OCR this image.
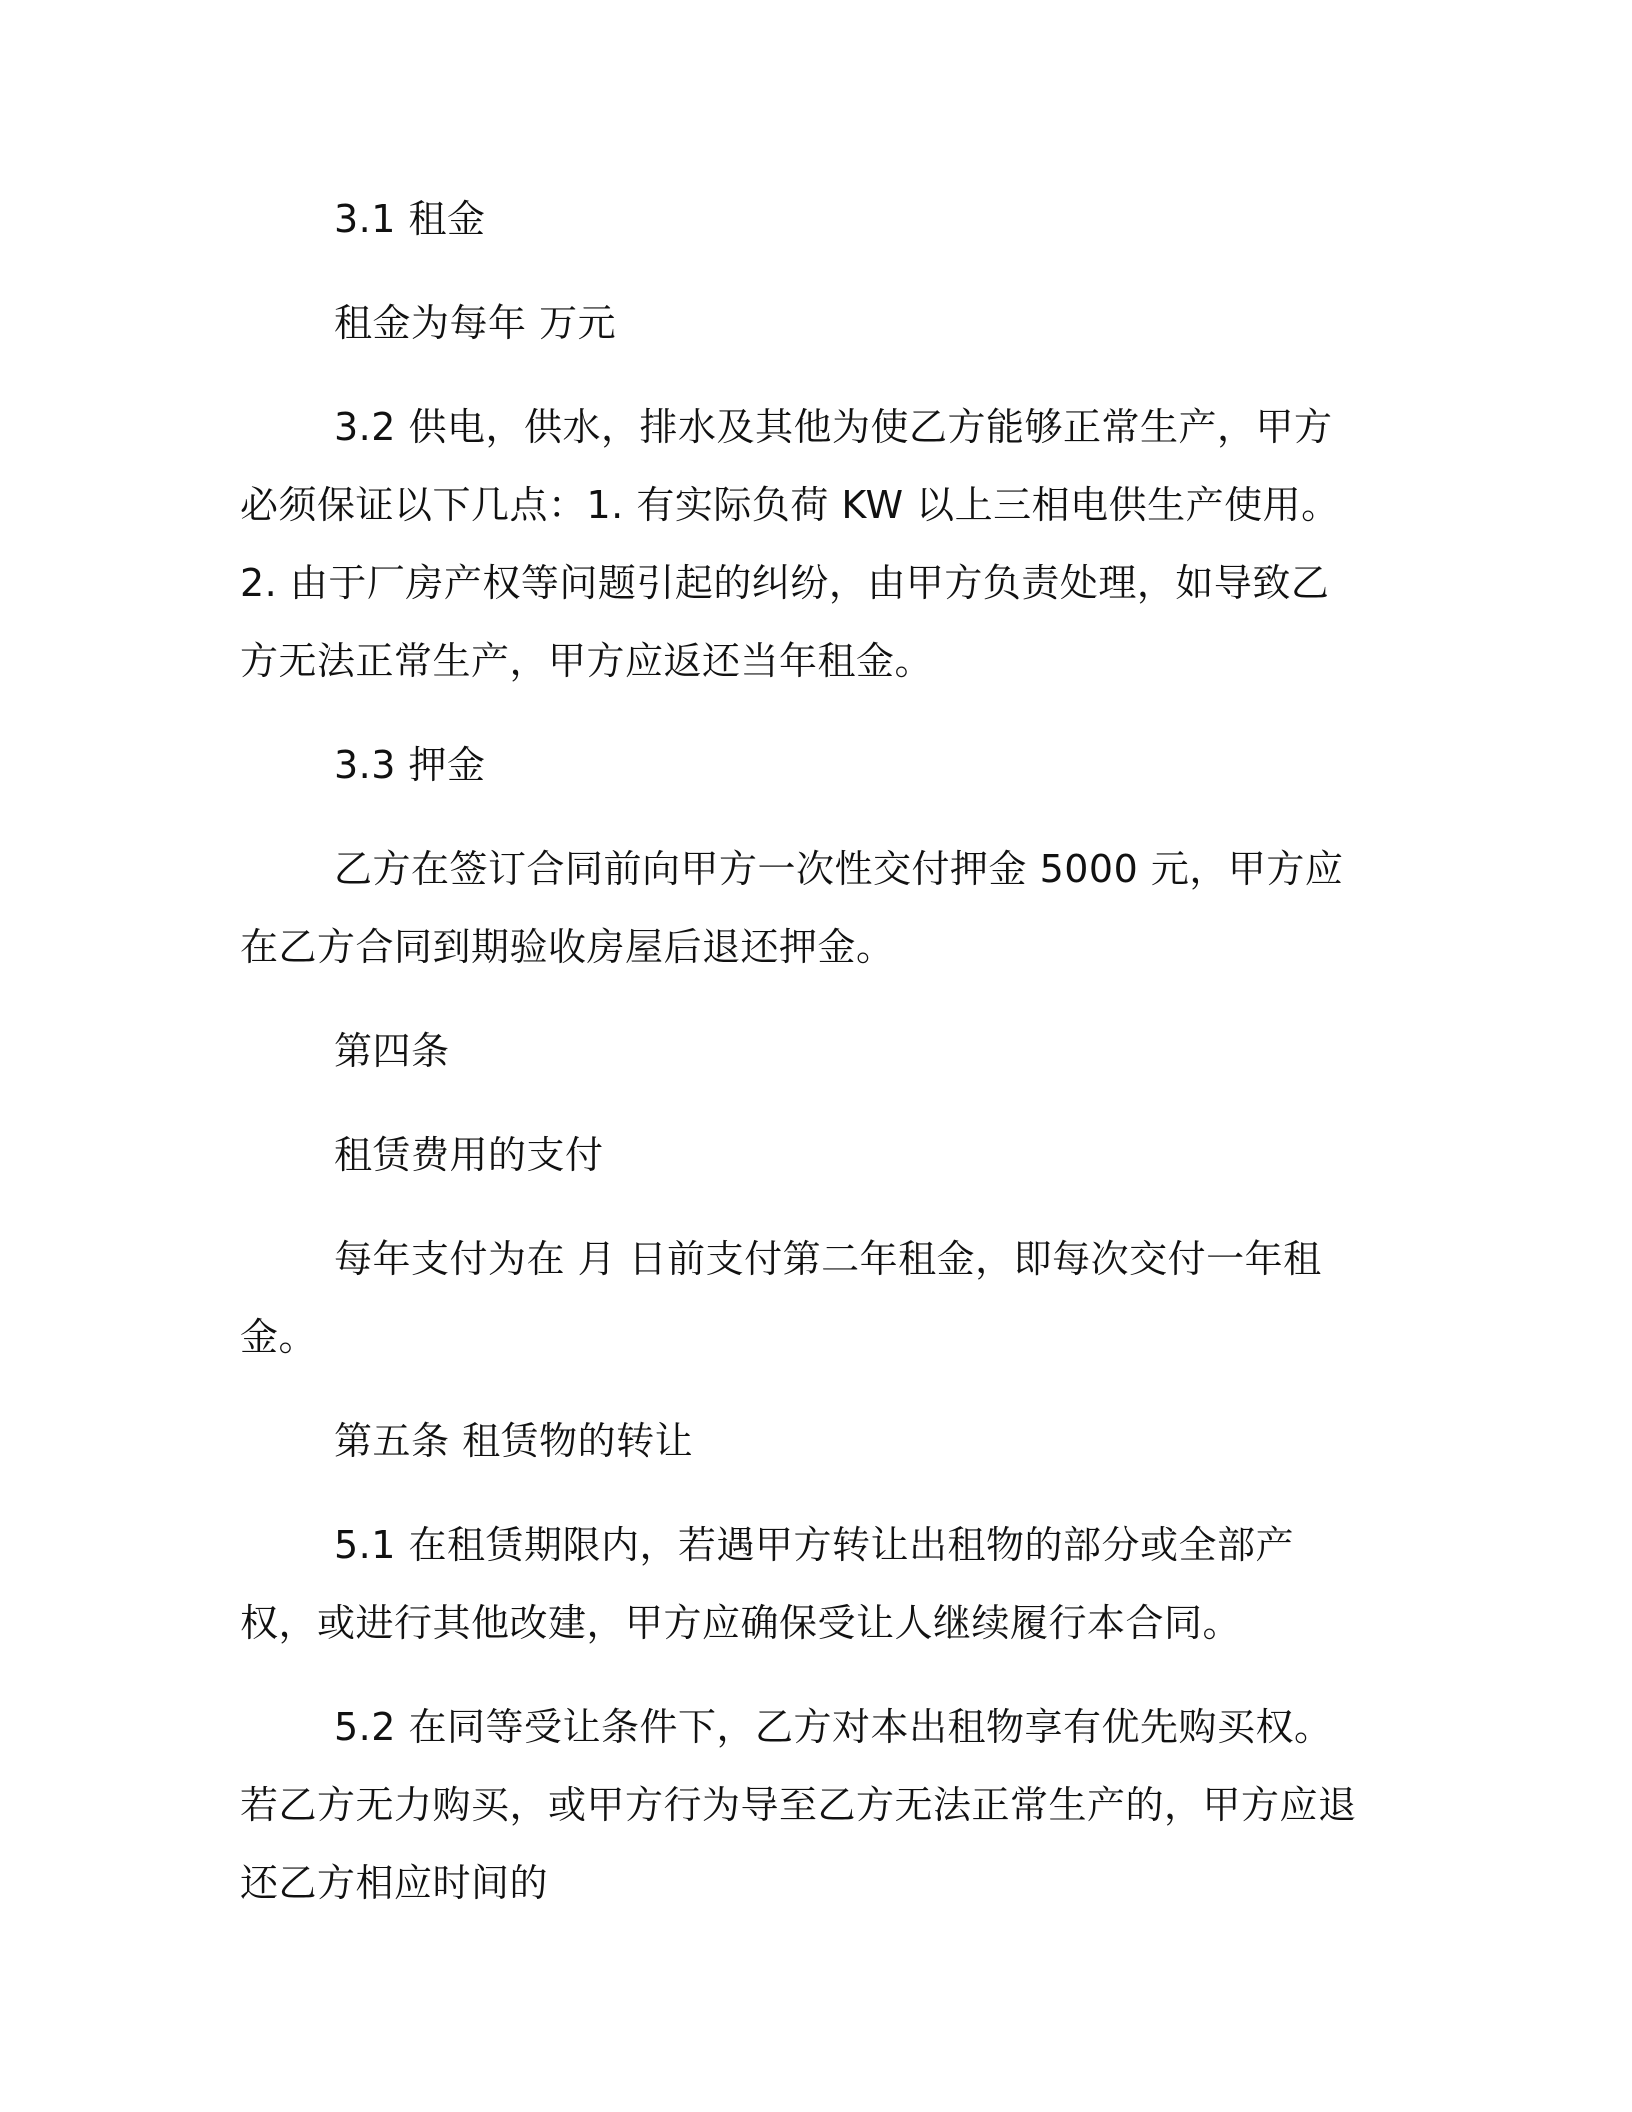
3.1 租金

租金为每年 万元

3.2 供电，供水，排水及其他为使乙方能够正常生产，甲方必须保证以下几点：1. 有实际负荷 KW 以上三相电供生产使用。2. 由于厂房产权等问题引起的纠纷，由甲方负责处理，如导致乙方无法正常生产，甲方应返还当年租金。

3.3 押金

乙方在签订合同前向甲方一次性交付押金 5000 元，甲方应在乙方合同到期验收房屋后退还押金。

第四条

租赁费用的支付

每年支付为在 月 日前支付第二年租金，即每次交付一年租金。

第五条 租赁物的转让

5.1 在租赁期限内，若遇甲方转让出租物的部分或全部产权，或进行其他改建，甲方应确保受让人继续履行本合同。

5.2 在同等受让条件下，乙方对本出租物享有优先购买权。若乙方无力购买，或甲方行为导至乙方无法正常生产的，甲方应退还乙方相应时间的
